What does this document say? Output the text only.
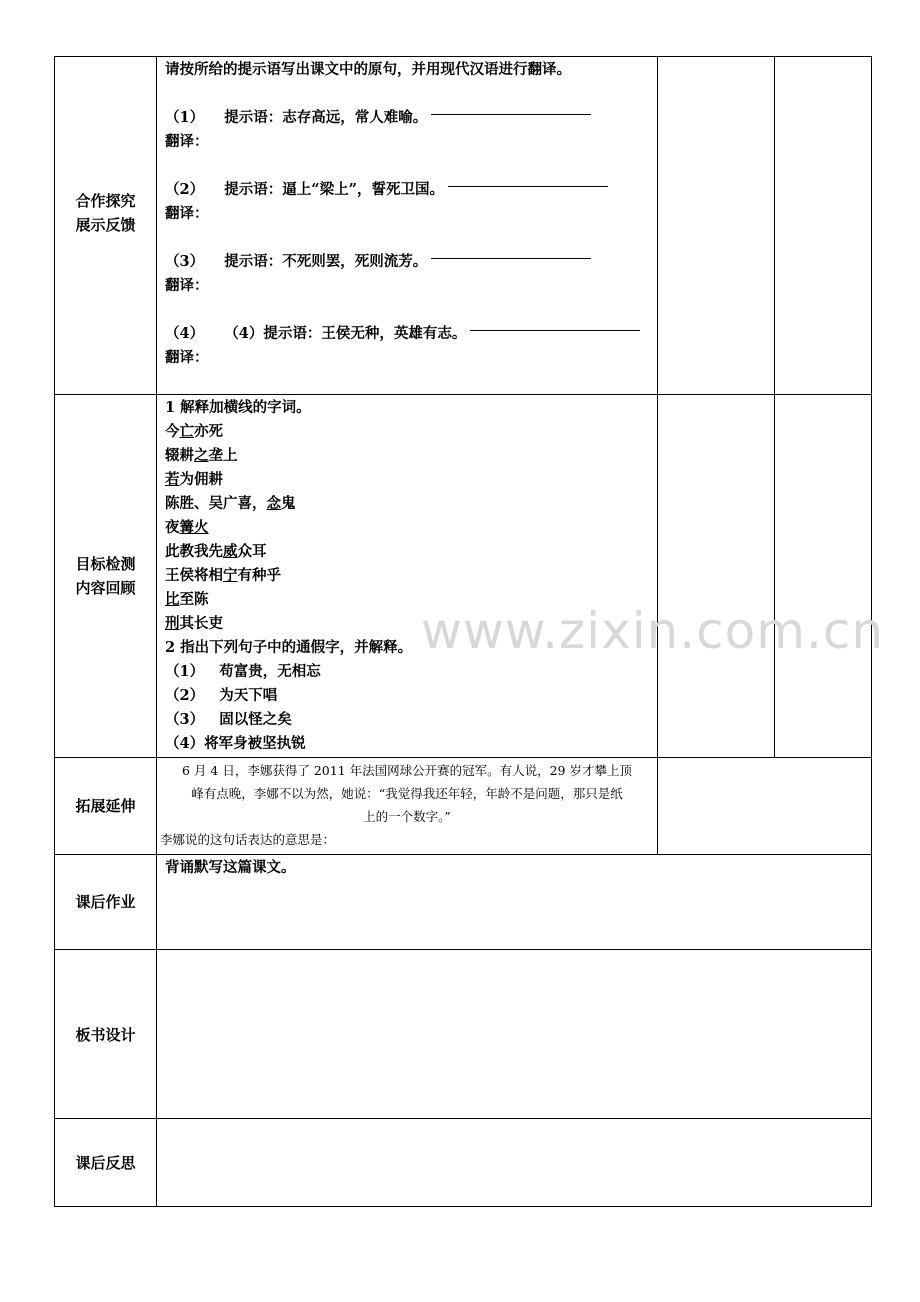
www.zixin.com.cn
合作探究
展示反馈
请按所给的提示语写出课文中的原句，并用现代汉语进行翻译。
（1） 提示语：志存高远，常人难喻。
翻译：
（2） 提示语：逼上“梁上”，誓死卫国。
翻译：
（3） 提示语：不死则罢，死则流芳。
翻译：
（4） （4）提示语：王侯无种，英雄有志。
翻译：
目标检测
内容回顾
1 解释加横线的字词。
今亡亦死
辍耕之垄上
若为佣耕
陈胜、吴广喜，念鬼
夜篝火
此教我先威众耳
王侯将相宁有种乎
比至陈
刑其长吏
2 指出下列句子中的通假字，并解释。
（1） 苟富贵，无相忘
（2） 为天下唱
（3） 固以怪之矣
（4）将军身被坚执锐
拓展延伸
6 月 4 日，李娜获得了 2011 年法国网球公开赛的冠军。有人说，29 岁才攀上顶
峰有点晚，李娜不以为然，她说：“我觉得我还年轻，年龄不是问题，那只是纸
上的一个数字。”
李娜说的这句话表达的意思是：
课后作业
背诵默写这篇课文。
板书设计
课后反思
